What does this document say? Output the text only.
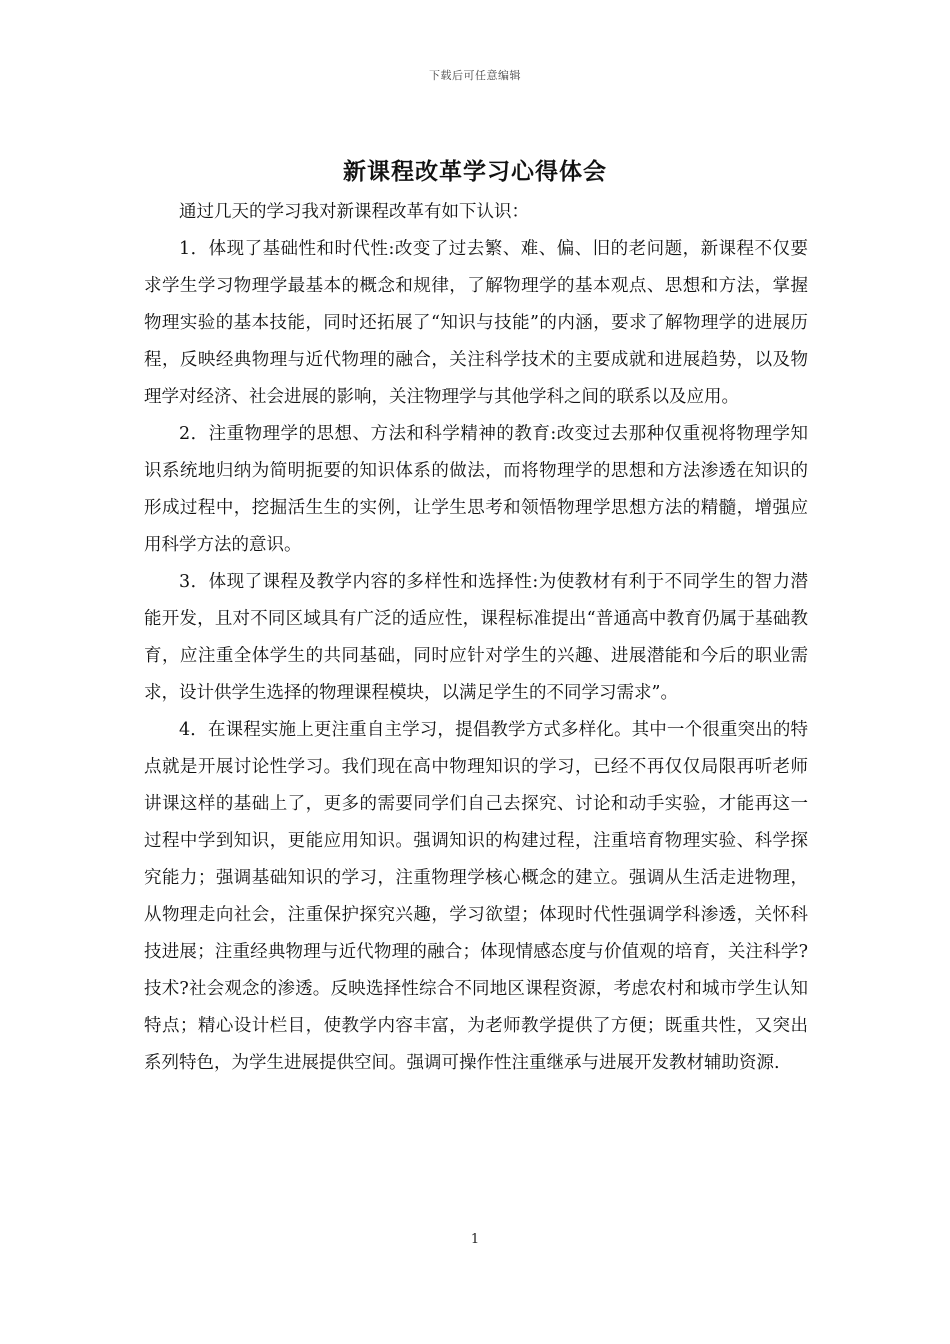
下载后可任意编辑
新课程改革学习心得体会

通过几天的学习我对新课程改革有如下认识：

1．体现了基础性和时代性:改变了过去繁、难、偏、旧的老问题，新课程不仅要求学生学习物理学最基本的概念和规律，了解物理学的基本观点、思想和方法，掌握物理实验的基本技能，同时还拓展了“知识与技能”的内涵，要求了解物理学的进展历程，反映经典物理与近代物理的融合，关注科学技术的主要成就和进展趋势，以及物理学对经济、社会进展的影响，关注物理学与其他学科之间的联系以及应用。

2．注重物理学的思想、方法和科学精神的教育:改变过去那种仅重视将物理学知识系统地归纳为简明扼要的知识体系的做法，而将物理学的思想和方法渗透在知识的形成过程中，挖掘活生生的实例，让学生思考和领悟物理学思想方法的精髓，增强应用科学方法的意识。

3．体现了课程及教学内容的多样性和选择性:为使教材有利于不同学生的智力潜能开发，且对不同区域具有广泛的适应性，课程标准提出“普通高中教育仍属于基础教育，应注重全体学生的共同基础，同时应针对学生的兴趣、进展潜能和今后的职业需求，设计供学生选择的物理课程模块，以满足学生的不同学习需求”。

4．在课程实施上更注重自主学习，提倡教学方式多样化。其中一个很重突出的特点就是开展讨论性学习。我们现在高中物理知识的学习，已经不再仅仅局限再听老师讲课这样的基础上了，更多的需要同学们自己去探究、讨论和动手实验，才能再这一过程中学到知识，更能应用知识。强调知识的构建过程，注重培育物理实验、科学探究能力；强调基础知识的学习，注重物理学核心概念的建立。强调从生活走进物理，从物理走向社会，注重保护探究兴趣，学习欲望；体现时代性强调学科渗透，关怀科技进展；注重经典物理与近代物理的融合；体现情感态度与价值观的培育，关注科学?技术?社会观念的渗透。反映选择性综合不同地区课程资源，考虑农村和城市学生认知特点；精心设计栏目，使教学内容丰富，为老师教学提供了方便；既重共性，又突出系列特色，为学生进展提供空间。强调可操作性注重继承与进展开发教材辅助资源.

1
